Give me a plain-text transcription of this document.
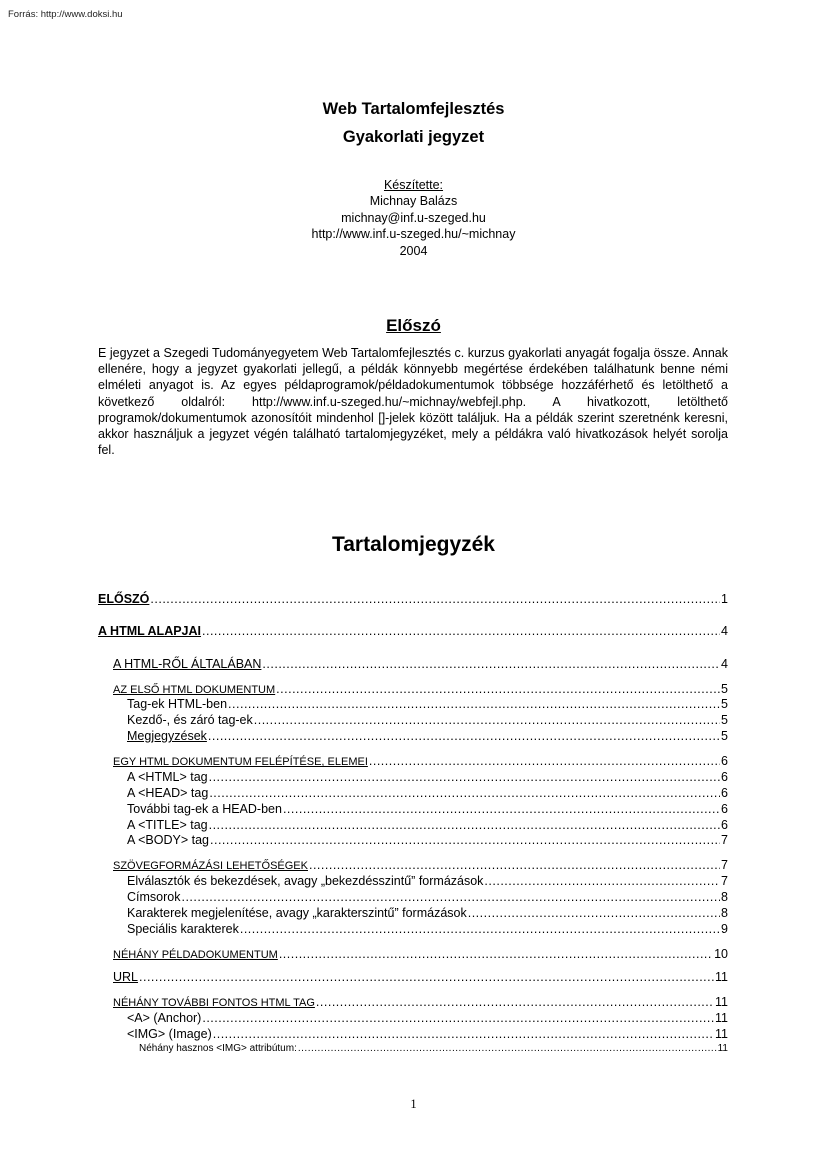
Forrás: http://www.doksi.hu
Web Tartalomfejlesztés
Gyakorlati jegyzet
Készítette:
Michnay Balázs
michnay@inf.u-szeged.hu
http://www.inf.u-szeged.hu/~michnay
2004
Előszó
E jegyzet a Szegedi Tudományegyetem Web Tartalomfejlesztés c. kurzus gyakorlati anyagát fogalja össze. Annak ellenére, hogy a jegyzet gyakorlati jellegű, a példák könnyebb megértése érdekében találhatunk benne némi elméleti anyagot is. Az egyes példaprogramok/példadokumentumok többsége hozzáférhető és letölthető a következő oldalról: http://www.inf.u-szeged.hu/~michnay/webfejl.php. A hivatkozott, letölthető programok/dokumentumok azonosítóit mindenhol []-jelek között találjuk. Ha a példák szerint szeretnénk keresni, akkor használjuk a jegyzet végén található tartalomjegyzéket, mely a példákra való hivatkozások helyét sorolja fel.
Tartalomjegyzék
ELŐSZÓ .....	1
A HTML ALAPJAI .....	4
A HTML-RŐL ÁLTALÁBAN .....	4
AZ ELSŐ HTML DOKUMENTUM .....	5
Tag-ek HTML-ben .....	5
Kezdő-, és záró tag-ek .....	5
Megjegyzések .....	5
EGY HTML DOKUMENTUM FELÉPÍTÉSE, ELEMEI .....	6
A <HTML> tag .....	6
A <HEAD> tag .....	6
További tag-ek a HEAD-ben .....	6
A <TITLE> tag .....	6
A <BODY> tag .....	7
SZÖVEGFORMÁZÁSI LEHETŐSÉGEK .....	7
Elválasztók és bekezdések, avagy „bekezdésszintű” formázások .....	7
Címsorok .....	8
Karakterek megjelenítése, avagy „karakterszintű” formázások .....	8
Speciális karakterek .....	9
NÉHÁNY PÉLDADOKUMENTUM .....	10
URL .....	11
NÉHÁNY TOVÁBBI FONTOS HTML TAG .....	11
<A> (Anchor) .....	11
<IMG> (Image) .....	11
Néhány hasznos <IMG> attribútum: .....	11
1
